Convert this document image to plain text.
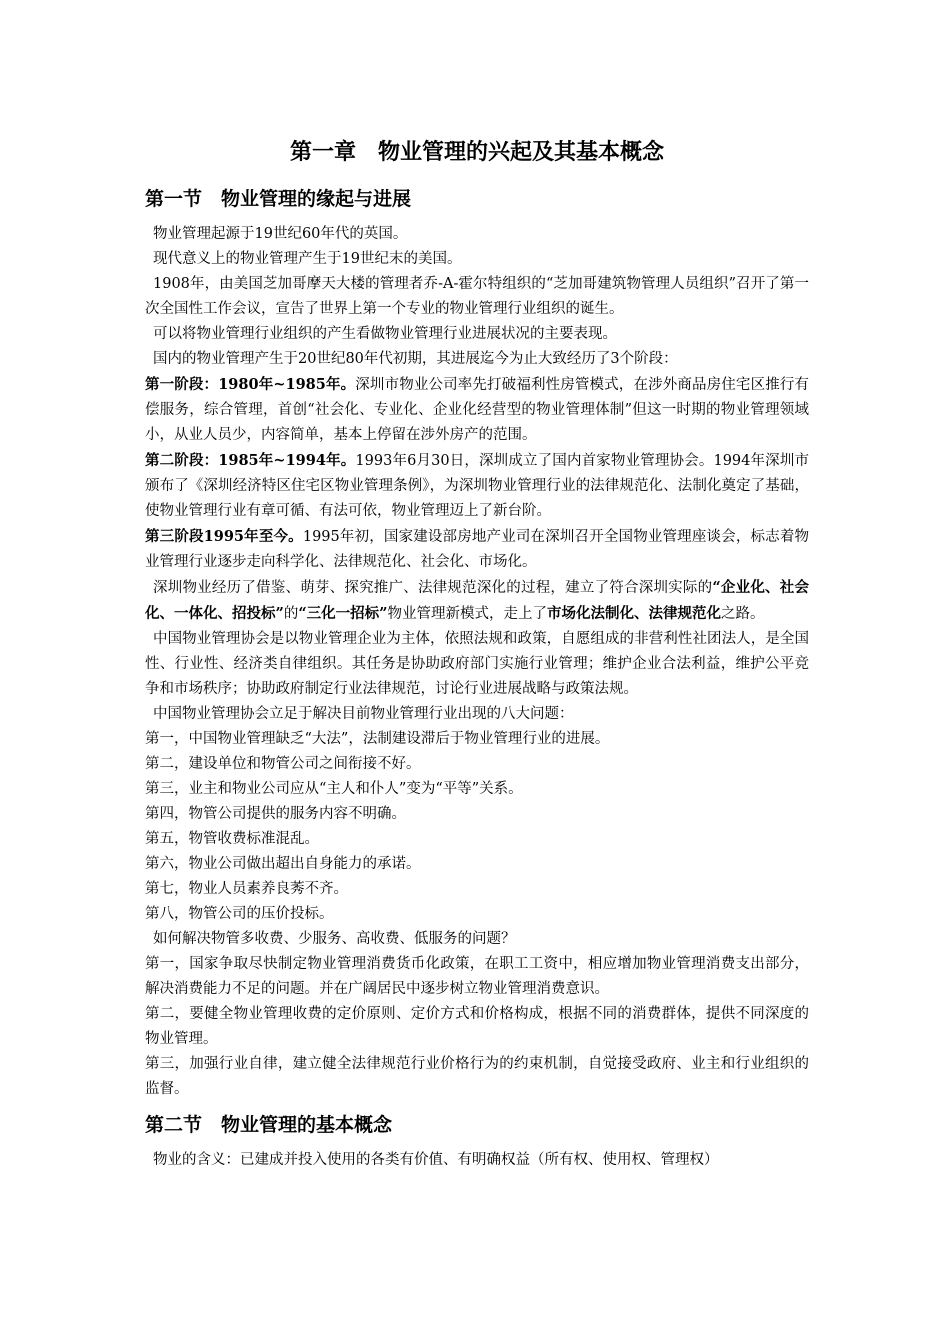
第一章　物业管理的兴起及其基本概念
第一节　物业管理的缘起与进展

物业管理起源于19世纪60年代的英国。

现代意义上的物业管理产生于19世纪末的美国。

1908年，由美国芝加哥摩天大楼的管理者乔-A-霍尔特组织的“芝加哥建筑物管理人员组织”召开了第一次全国性工作会议，宣告了世界上第一个专业的物业管理行业组织的诞生。

可以将物业管理行业组织的产生看做物业管理行业进展状况的主要表现。

国内的物业管理产生于20世纪80年代初期，其进展迄今为止大致经历了3个阶段：

第一阶段：1980年~1985年。深圳市物业公司率先打破福利性房管模式，在涉外商品房住宅区推行有偿服务，综合管理，首创“社会化、专业化、企业化经营型的物业管理体制”但这一时期的物业管理领域小，从业人员少，内容简单，基本上停留在涉外房产的范围。

第二阶段：1985年~1994年。1993年6月30日，深圳成立了国内首家物业管理协会。1994年深圳市颁布了《深圳经济特区住宅区物业管理条例》，为深圳物业管理行业的法律规范化、法制化奠定了基础，使物业管理行业有章可循、有法可依，物业管理迈上了新台阶。

第三阶段1995年至今。1995年初，国家建设部房地产业司在深圳召开全国物业管理座谈会，标志着物业管理行业逐步走向科学化、法律规范化、社会化、市场化。

深圳物业经历了借鉴、萌芽、探究推广、法律规范深化的过程，建立了符合深圳实际的“企业化、社会化、一体化、招投标”的“三化一招标”物业管理新模式，走上了市场化法制化、法律规范化之路。

中国物业管理协会是以物业管理企业为主体，依照法规和政策，自愿组成的非营利性社团法人，是全国性、行业性、经济类自律组织。其任务是协助政府部门实施行业管理；维护企业合法利益，维护公平竞争和市场秩序；协助政府制定行业法律规范，讨论行业进展战略与政策法规。

中国物业管理协会立足于解决目前物业管理行业出现的八大问题：

第一，中国物业管理缺乏“大法”，法制建设滞后于物业管理行业的进展。

第二，建设单位和物管公司之间衔接不好。

第三，业主和物业公司应从“主人和仆人”变为“平等”关系。

第四，物管公司提供的服务内容不明确。

第五，物管收费标准混乱。

第六，物业公司做出超出自身能力的承诺。

第七，物业人员素养良莠不齐。

第八，物管公司的压价投标。

如何解决物管多收费、少服务、高收费、低服务的问题？

第一，国家争取尽快制定物业管理消费货币化政策，在职工工资中，相应增加物业管理消费支出部分，解决消费能力不足的问题。并在广阔居民中逐步树立物业管理消费意识。

第二，要健全物业管理收费的定价原则、定价方式和价格构成，根据不同的消费群体，提供不同深度的物业管理。

第三，加强行业自律，建立健全法律规范行业价格行为的约束机制，自觉接受政府、业主和行业组织的监督。

第二节　物业管理的基本概念

物业的含义：已建成并投入使用的各类有价值、有明确权益（所有权、使用权、管理权）
